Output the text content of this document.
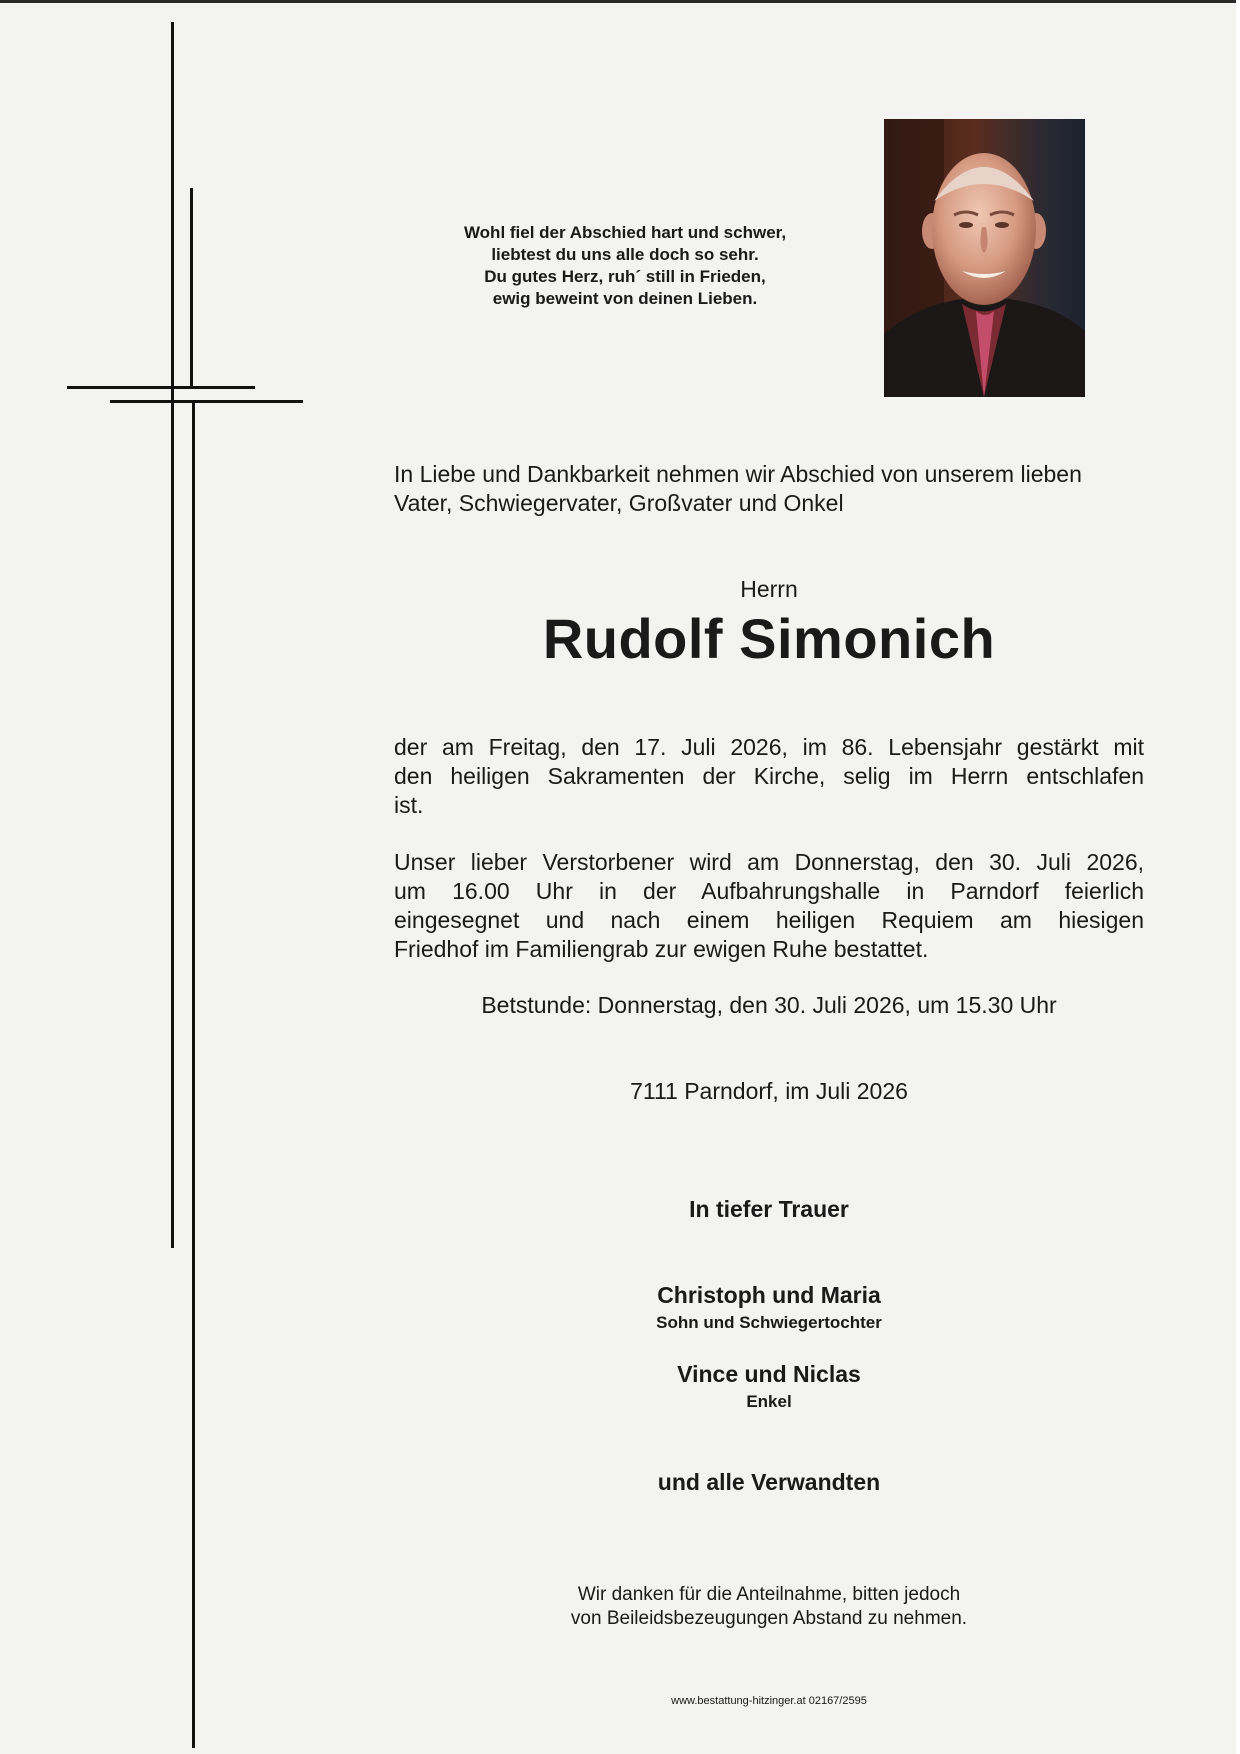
Wohl fiel der Abschied hart und schwer,
liebtest du uns alle doch so sehr.
Du gutes Herz, ruh´ still in Frieden,
ewig beweint von deinen Lieben.
In Liebe und Dankbarkeit nehmen wir Abschied von unserem lieben
Vater, Schwiegervater, Großvater und Onkel
Herrn
Rudolf Simonich
der am Freitag, den 17. Juli 2026, im 86. Lebensjahr gestärkt mit
den heiligen Sakramenten der Kirche, selig im Herrn entschlafen
ist.
Unser lieber Verstorbener wird am Donnerstag, den 30. Juli 2026,
um 16.00 Uhr in der Aufbahrungshalle in Parndorf feierlich
eingesegnet und nach einem heiligen Requiem am hiesigen
Friedhof im Familiengrab zur ewigen Ruhe bestattet.
Betstunde: Donnerstag, den 30. Juli 2026, um 15.30 Uhr
7111 Parndorf, im Juli 2026
In tiefer Trauer
Christoph und Maria
Sohn und Schwiegertochter
Vince und Niclas
Enkel
und alle Verwandten
Wir danken für die Anteilnahme, bitten jedoch
von Beileidsbezeugungen Abstand zu nehmen.
www.bestattung-hitzinger.at 02167/2595
